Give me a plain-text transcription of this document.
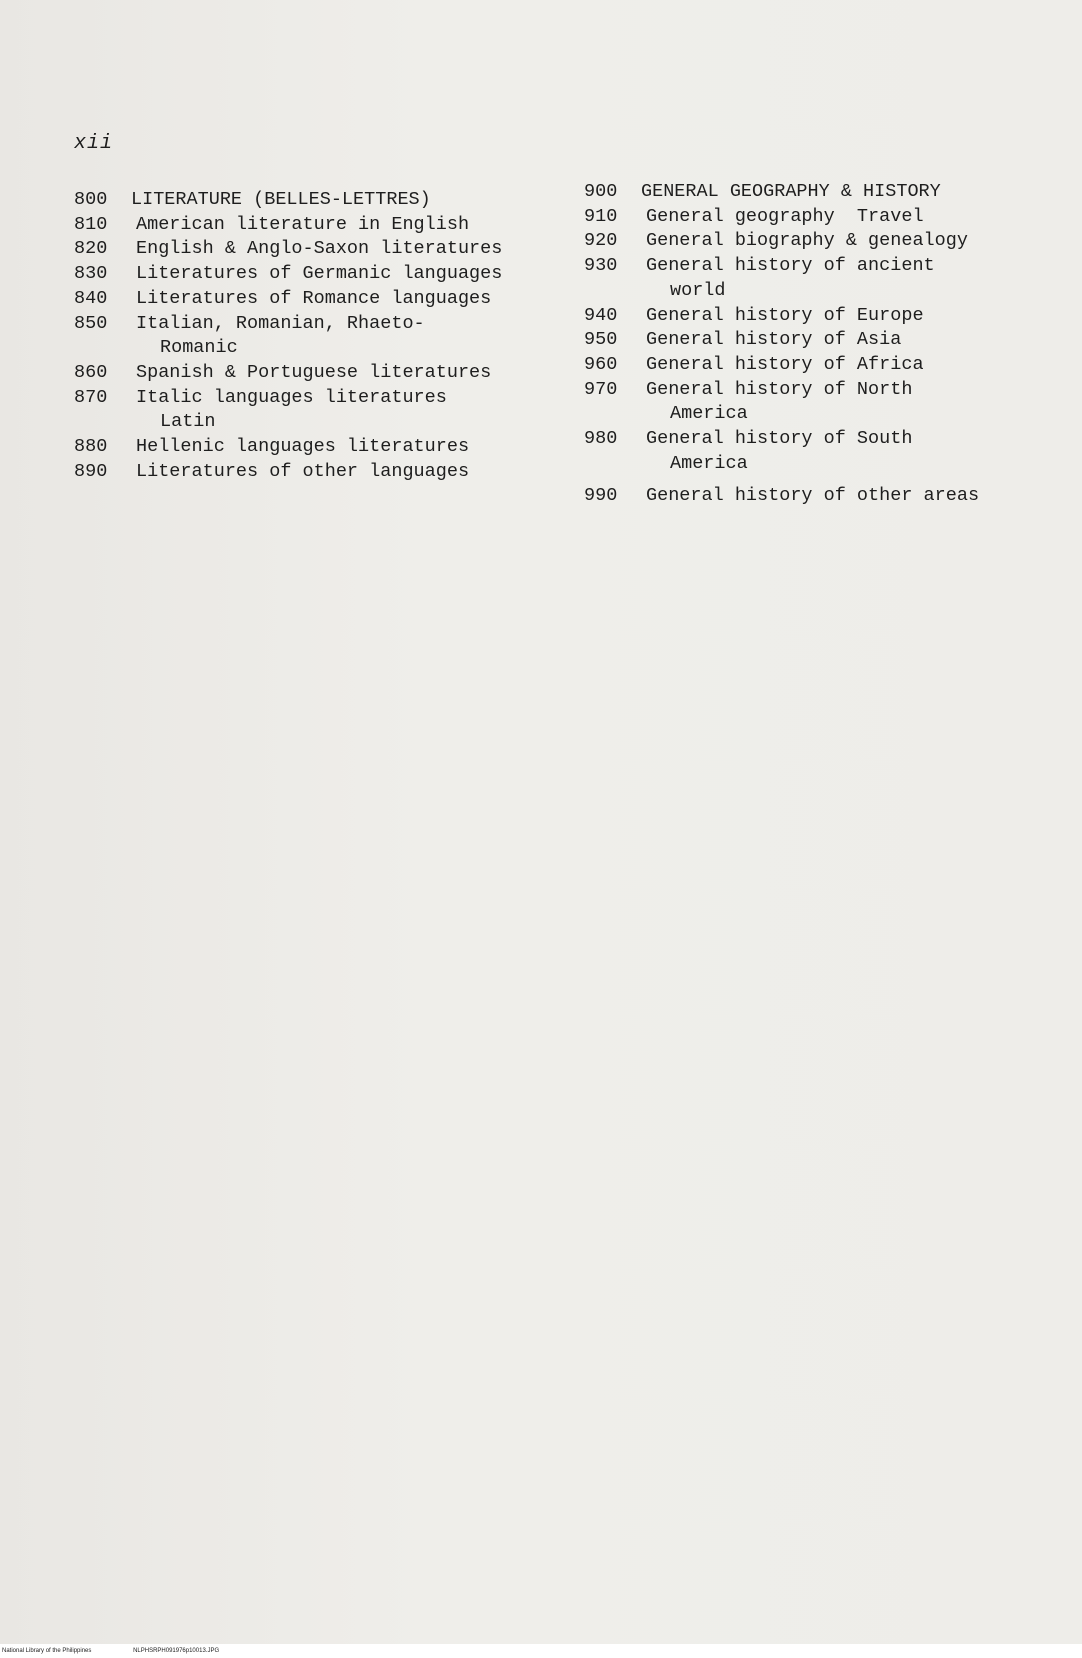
xii
800	LITERATURE (BELLES-LETTRES)
810	American literature in English
820	English & Anglo-Saxon literatures
830	Literatures of Germanic languages
840	Literatures of Romance languages
850	Italian, Romanian, Rhaeto-
Romanic
860	Spanish & Portuguese literatures
870	Italic languages literatures
Latin
880	Hellenic languages literatures
890	Literatures of other languages
900	GENERAL GEOGRAPHY & HISTORY
910	General geography  Travel
920	General biography & genealogy
930	General history of ancient
world
940	General history of Europe
950	General history of Asia
960	General history of Africa
970	General history of North
America
980	General history of South
America
990	General history of other areas
National Library of the Philippines	NLPHSRPH091976p10013.JPG
